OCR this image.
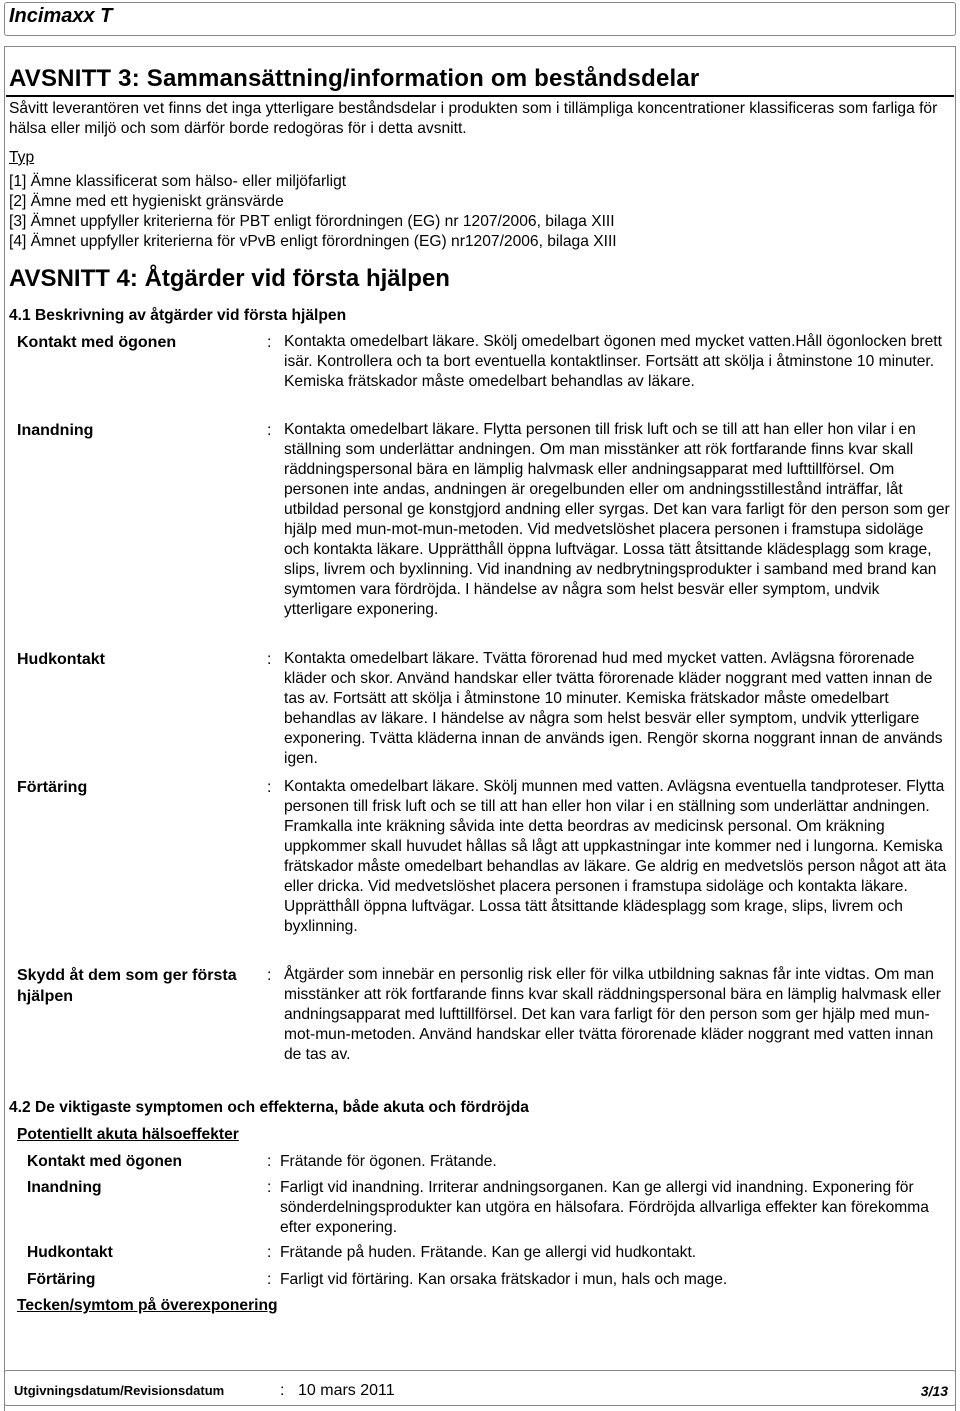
Incimaxx T
AVSNITT 3: Sammansättning/information om beståndsdelar
Såvitt leverantören vet finns det inga ytterligare beståndsdelar i produkten som i tillämpliga koncentrationer klassificeras som farliga för hälsa eller miljö och som därför borde redogöras för i detta avsnitt.
Typ
[1] Ämne klassificerat som hälso- eller miljöfarligt
[2] Ämne med ett hygieniskt gränsvärde
[3] Ämnet uppfyller kriterierna för PBT enligt förordningen (EG) nr 1207/2006, bilaga XIII
[4] Ämnet uppfyller kriterierna för vPvB enligt förordningen (EG) nr1207/2006, bilaga XIII
AVSNITT 4: Åtgärder vid första hjälpen
4.1 Beskrivning av åtgärder vid första hjälpen
Kontakt med ögonen	: Kontakta omedelbart läkare. Skölj omedelbart ögonen med mycket vatten.Håll ögonlocken brett isär. Kontrollera och ta bort eventuella kontaktlinser. Fortsätt att skölja i åtminstone 10 minuter. Kemiska frätskador måste omedelbart behandlas av läkare.
Inandning	: Kontakta omedelbart läkare. Flytta personen till frisk luft och se till att han eller hon vilar i en ställning som underlättar andningen. Om man misstänker att rök fortfarande finns kvar skall räddningspersonal bära en lämplig halvmask eller andningsapparat med lufttillförsel. Om personen inte andas, andningen är oregelbunden eller om andningsstillestånd inträffar, låt utbildad personal ge konstgjord andning eller syrgas. Det kan vara farligt för den person som ger hjälp med mun-mot-mun-metoden. Vid medvetslöshet placera personen i framstupa sidoläge och kontakta läkare. Upprätthåll öppna luftvägar. Lossa tätt åtsittande klädesplagg som krage, slips, livrem och byxlinning. Vid inandning av nedbrytningsprodukter i samband med brand kan symtomen vara fördröjda. I händelse av några som helst besvär eller symptom, undvik ytterligare exponering.
Hudkontakt	: Kontakta omedelbart läkare. Tvätta förorenad hud med mycket vatten. Avlägsna förorenade kläder och skor. Använd handskar eller tvätta förorenade kläder noggrant med vatten innan de tas av. Fortsätt att skölja i åtminstone 10 minuter. Kemiska frätskador måste omedelbart behandlas av läkare. I händelse av några som helst besvär eller symptom, undvik ytterligare exponering. Tvätta kläderna innan de används igen. Rengör skorna noggrant innan de används igen.
Förtäring	: Kontakta omedelbart läkare. Skölj munnen med vatten. Avlägsna eventuella tandproteser. Flytta personen till frisk luft och se till att han eller hon vilar i en ställning som underlättar andningen. Framkalla inte kräkning såvida inte detta beordras av medicinsk personal. Om kräkning uppkommer skall huvudet hållas så lågt att uppkastningar inte kommer ned i lungorna. Kemiska frätskador måste omedelbart behandlas av läkare. Ge aldrig en medvetslös person något att äta eller dricka. Vid medvetslöshet placera personen i framstupa sidoläge och kontakta läkare. Upprätthåll öppna luftvägar. Lossa tätt åtsittande klädesplagg som krage, slips, livrem och byxlinning.
Skydd åt dem som ger första hjälpen
: Åtgärder som innebär en personlig risk eller för vilka utbildning saknas får inte vidtas. Om man misstänker att rök fortfarande finns kvar skall räddningspersonal bära en lämplig halvmask eller andningsapparat med lufttillförsel. Det kan vara farligt för den person som ger hjälp med mun-mot-mun-metoden. Använd handskar eller tvätta förorenade kläder noggrant med vatten innan de tas av.
4.2 De viktigaste symptomen och effekterna, både akuta och fördröjda
Potentiellt akuta hälsoeffekter
Kontakt med ögonen	: Frätande för ögonen. Frätande.
Inandning	: Farligt vid inandning. Irriterar andningsorganen. Kan ge allergi vid inandning. Exponering för sönderdelningsprodukter kan utgöra en hälsofara. Fördröjda allvarliga effekter kan förekomma efter exponering.
Hudkontakt	: Frätande på huden. Frätande. Kan ge allergi vid hudkontakt.
Förtäring	: Farligt vid förtäring. Kan orsaka frätskador i mun, hals och mage.
Tecken/symtom på överexponering
Utgivningsdatum/Revisionsdatum	: 10 mars 2011	3/13
